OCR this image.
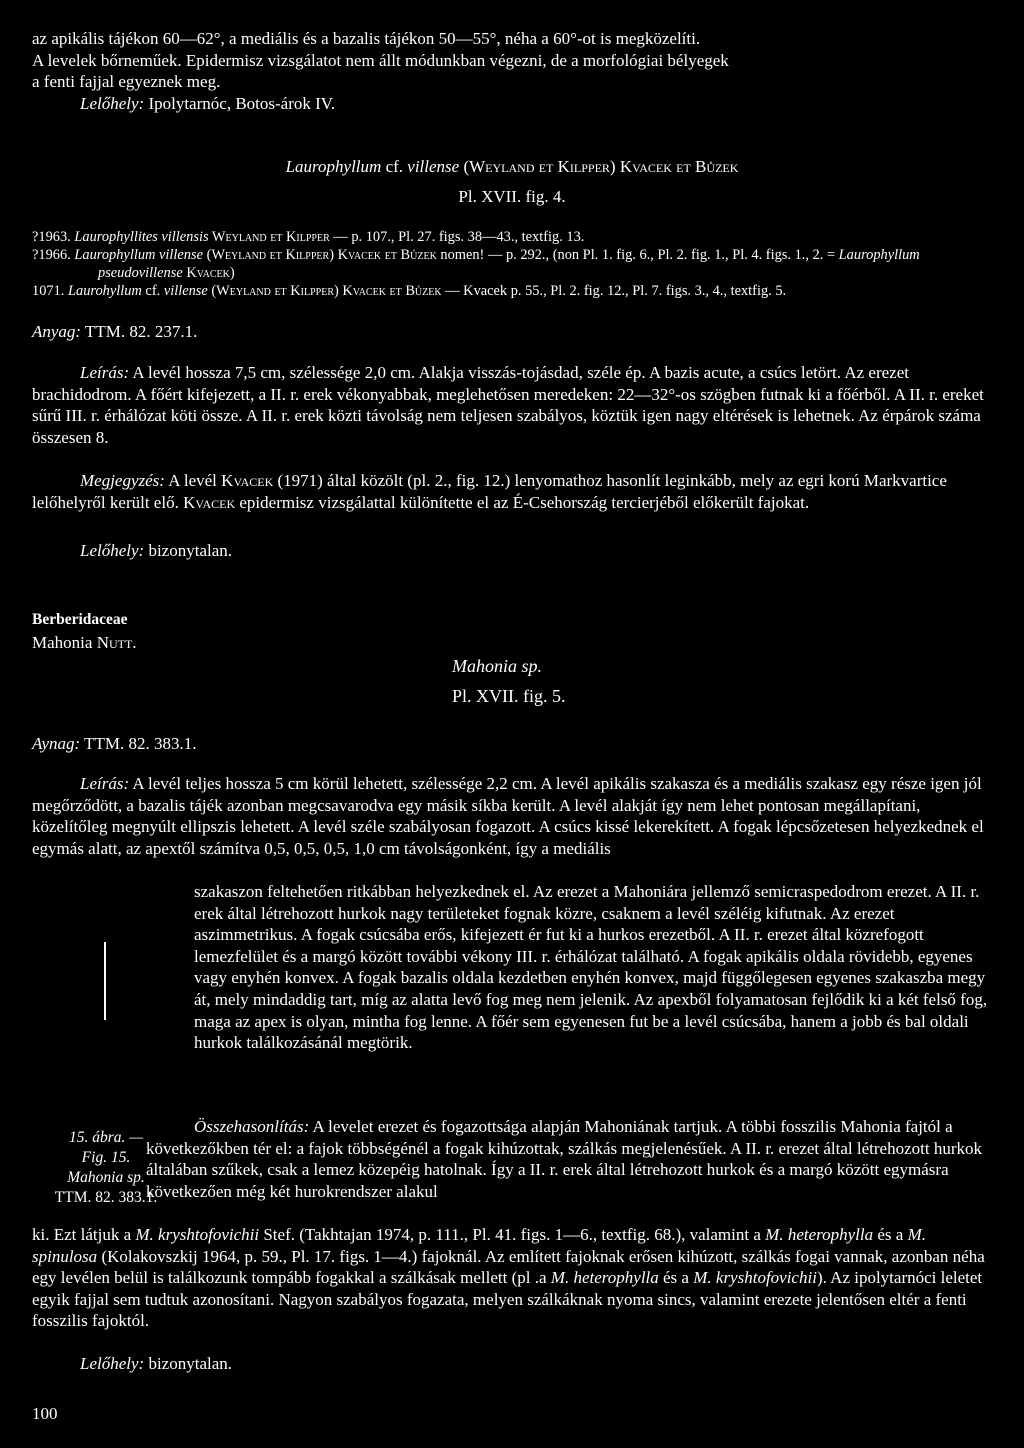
az apikális tájékon 60—62°, a mediális és a bazalis tájékon 50—55°, néha a 60°-ot is megközelíti.
A levelek bőrneműek. Epidermisz vizsgálatot nem állt módunkban végezni, de a morfológiai bélyegek
a fenti fajjal egyeznek meg.

Lelőhely: Ipolytarnóc, Botos-árok IV.

Laurophyllum cf. villense (Weyland et Kilpper) Kvacek et Bůzek

Pl. XVII. fig. 4.

?1963. Laurophyllites villensis Weyland et Kilpper — p. 107., Pl. 27. figs. 38—43., textfig. 13.

?1966. Laurophyllum villense (Weyland et Kilpper) Kvacek et Bůzek nomen! — p. 292., (non Pl. 1. fig. 6., Pl. 2. fig. 1., Pl. 4. figs. 1., 2. = Laurophyllum pseudovillense Kvacek)

1071. Laurohyllum cf. villense (Weyland et Kilpper) Kvacek et Bůzek — Kvacek p. 55., Pl. 2. fig. 12., Pl. 7. figs. 3., 4., textfig. 5.

Anyag: TTM. 82. 237.1.

Leírás: A levél hossza 7,5 cm, szélessége 2,0 cm. Alakja visszás-tojásdad, széle ép. A bazis acute, a csúcs letört. Az erezet brachidodrom. A főért kifejezett, a II. r. erek vékonyabbak, meglehetősen meredeken: 22—32°-os szögben futnak ki a főérből. A II. r. ereket sűrű III. r. érhálózat köti össze. A II. r. erek közti távolság nem teljesen szabályos, köztük igen nagy eltérések is lehetnek. Az érpárok száma összesen 8.

Megjegyzés: A levél Kvacek (1971) által közölt (pl. 2., fig. 12.) lenyomathoz hasonlít leginkább, mely az egri korú Markvartice lelőhelyről került elő. Kvacek epidermisz vizsgálattal különítette el az É-Csehország tercierjéből előkerült fajokat.

Lelőhely: bizonytalan.

Berberidaceae

Mahonia Nutt.

Mahonia sp.

Pl. XVII. fig. 5.

Aynag: TTM. 82. 383.1.

Leírás: A levél teljes hossza 5 cm körül lehetett, szélessége 2,2 cm. A levél apikális szakasza és a mediális szakasz egy része igen jól megőrződött, a bazalis tájék azonban megcsavarodva egy másik síkba került. A levél alakját így nem lehet pontosan megállapítani, közelítőleg megnyúlt ellipszis lehetett. A levél széle szabályosan fogazott. A csúcs kissé lekerekített. A fogak lépcsőzetesen helyezkednek el egymás alatt, az apextől számítva 0,5, 0,5, 0,5, 1,0 cm távolságonként, így a mediális

szakaszon feltehetően ritkábban helyezkednek el. Az erezet a Mahoniára jellemző semicraspedodrom erezet. A II. r. erek által létrehozott hurkok nagy területeket fognak közre, csaknem a levél széléig kifutnak. Az erezet aszimmetrikus. A fogak csúcsába erős, kifejezett ér fut ki a hurkos erezetből. A II. r. erezet által közrefogott lemezfelület és a margó között további vékony III. r. érhálózat található. A fogak apikális oldala rövidebb, egyenes vagy enyhén konvex. A fogak bazalis oldala kezdetben enyhén konvex, majd függőlegesen egyenes szakaszba megy át, mely mindaddig tart, míg az alatta levő fog meg nem jelenik. Az apexből folyamatosan fejlődik ki a két felső fog, maga az apex is olyan, mintha fog lenne. A főér sem egyenesen fut be a levél csúcsába, hanem a jobb és bal oldali hurkok találkozásánál megtörik.

Összehasonlítás: A levelet erezet és fogazottsága alapján Mahoniának tartjuk. A többi fosszilis Mahonia fajtól a következőkben tér el: a fajok többségénél a fogak kihúzottak, szálkás megjelenésűek. A II. r. erezet által létrehozott hurkok általában szűkek, csak a lemez közepéig hatolnak. Így a II. r. erek által létrehozott hurkok és a margó között egymásra következően még két hurokrendszer alakul

15. ábra. —
Fig. 15.
Mahonia sp.
TTM. 82. 383.1.

ki. Ezt látjuk a M. kryshtofovichii Stef. (Takhtajan 1974, p. 111., Pl. 41. figs. 1—6., textfig. 68.), valamint a M. heterophylla és a M. spinulosa (Kolakovszkij 1964, p. 59., Pl. 17. figs. 1—4.) fajoknál. Az említett fajoknak erősen kihúzott, szálkás fogai vannak, azonban néha egy levélen belül is találkozunk tompább fogakkal a szálkásak mellett (pl .a M. heterophylla és a M. kryshtofovichii). Az ipolytarnóci leletet egyik fajjal sem tudtuk azonosítani. Nagyon szabályos fogazata, melyen szálkáknak nyoma sincs, valamint erezete jelentősen eltér a fenti fosszilis fajoktól.

Lelőhely: bizonytalan.

100
